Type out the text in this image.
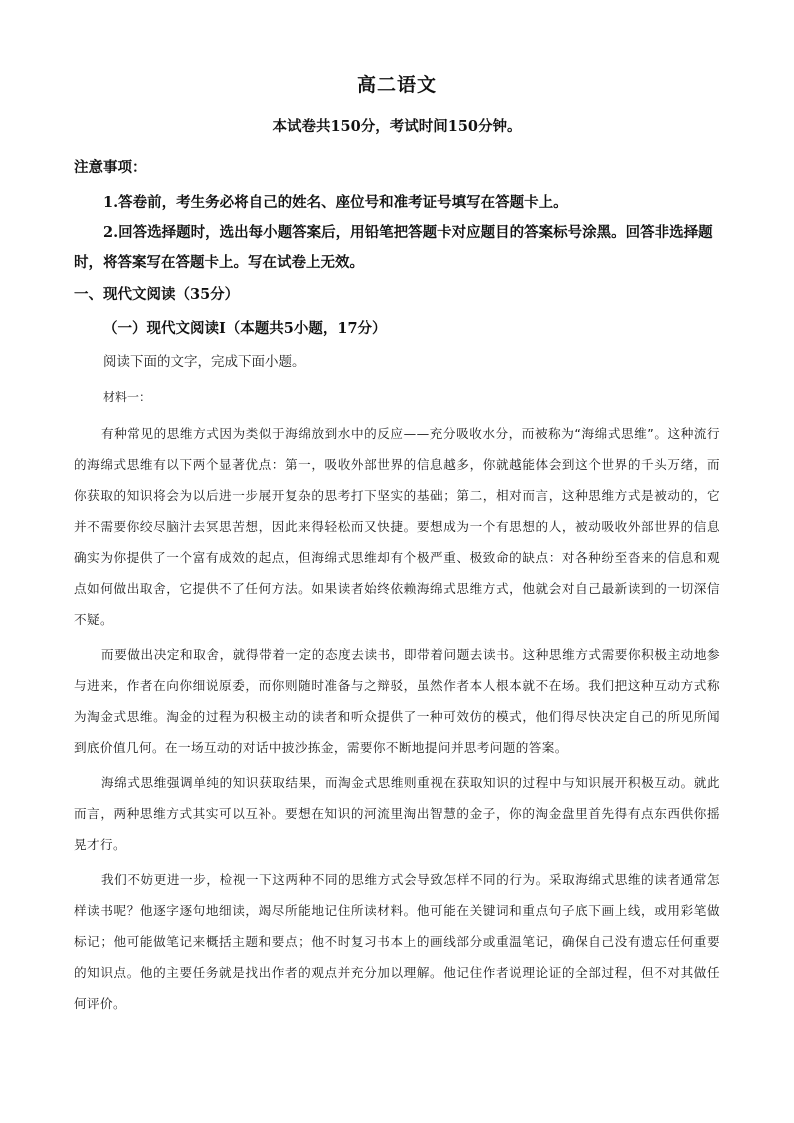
高二语文
本试卷共150分，考试时间150分钟。
注意事项：

1.答卷前，考生务必将自己的姓名、座位号和准考证号填写在答题卡上。

2.回答选择题时，选出每小题答案后，用铅笔把答题卡对应题目的答案标号涂黑。回答非选择题时，将答案写在答题卡上。写在试卷上无效。

一、现代文阅读（35分）
（一）现代文阅读Ⅰ（本题共5小题，17分）
阅读下面的文字，完成下面小题。
材料一：

有种常见的思维方式因为类似于海绵放到水中的反应——充分吸收水分，而被称为“海绵式思维”。这种流行的海绵式思维有以下两个显著优点：第一，吸收外部世界的信息越多，你就越能体会到这个世界的千头万绪，而你获取的知识将会为以后进一步展开复杂的思考打下坚实的基础；第二，相对而言，这种思维方式是被动的，它并不需要你绞尽脑汁去冥思苦想，因此来得轻松而又快捷。要想成为一个有思想的人，被动吸收外部世界的信息确实为你提供了一个富有成效的起点，但海绵式思维却有个极严重、极致命的缺点：对各种纷至沓来的信息和观点如何做出取舍，它提供不了任何方法。如果读者始终依赖海绵式思维方式，他就会对自己最新读到的一切深信不疑。

而要做出决定和取舍，就得带着一定的态度去读书，即带着问题去读书。这种思维方式需要你积极主动地参与进来，作者在向你细说原委，而你则随时准备与之辩驳，虽然作者本人根本就不在场。我们把这种互动方式称为淘金式思维。淘金的过程为积极主动的读者和听众提供了一种可效仿的模式，他们得尽快决定自己的所见所闻到底价值几何。在一场互动的对话中披沙拣金，需要你不断地提问并思考问题的答案。

海绵式思维强调单纯的知识获取结果，而淘金式思维则重视在获取知识的过程中与知识展开积极互动。就此而言，两种思维方式其实可以互补。要想在知识的河流里淘出智慧的金子，你的淘金盘里首先得有点东西供你摇晃才行。

我们不妨更进一步，检视一下这两种不同的思维方式会导致怎样不同的行为。采取海绵式思维的读者通常怎样读书呢？他逐字逐句地细读，竭尽所能地记住所读材料。他可能在关键词和重点句子底下画上线，或用彩笔做标记；他可能做笔记来概括主题和要点；他不时复习书本上的画线部分或重温笔记，确保自己没有遗忘任何重要的知识点。他的主要任务就是找出作者的观点并充分加以理解。他记住作者说理论证的全部过程，但不对其做任何评价。
